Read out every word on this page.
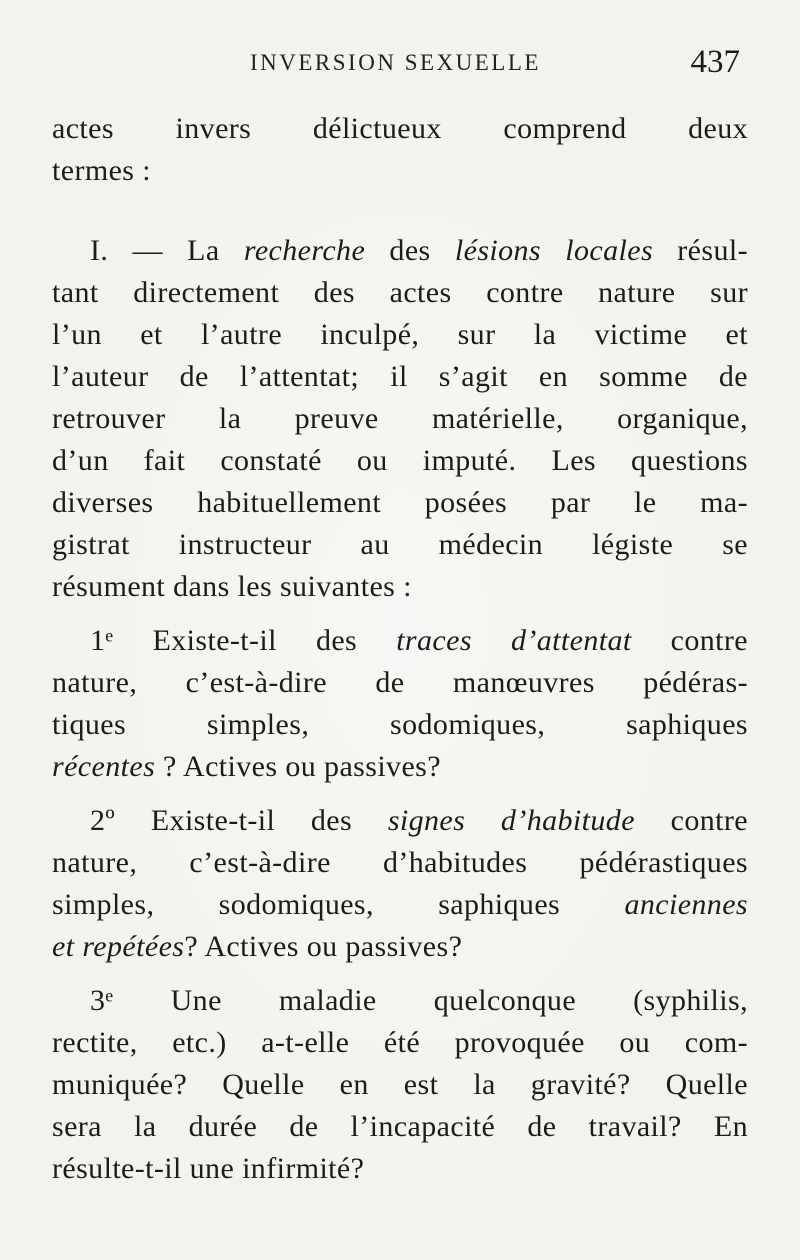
INVERSION SEXUELLE	437
actes invers délictueux comprend deux
termes :
I. — La recherche des lésions locales résul-
tant directement des actes contre nature sur
l’un et l’autre inculpé, sur la victime et
l’auteur de l’attentat; il s’agit en somme de
retrouver la preuve matérielle, organique,
d’un fait constaté ou imputé. Les questions
diverses habituellement posées par le ma-
gistrat instructeur au médecin légiste se
résument dans les suivantes :
1ᵉ Existe-t-il des traces d’attentat contre
nature, c’est-à-dire de manœuvres pédéras-
tiques simples, sodomiques, saphiques
récentes ? Actives ou passives?
2º Existe-t-il des signes d’habitude contre
nature, c’est-à-dire d’habitudes pédérastiques
simples, sodomiques, saphiques anciennes
et repétées? Actives ou passives?
3ᵉ Une maladie quelconque (syphilis,
rectite, etc.) a-t-elle été provoquée ou com-
muniquée? Quelle en est la gravité? Quelle
sera la durée de l’incapacité de travail? En
résulte-t-il une infirmité?
